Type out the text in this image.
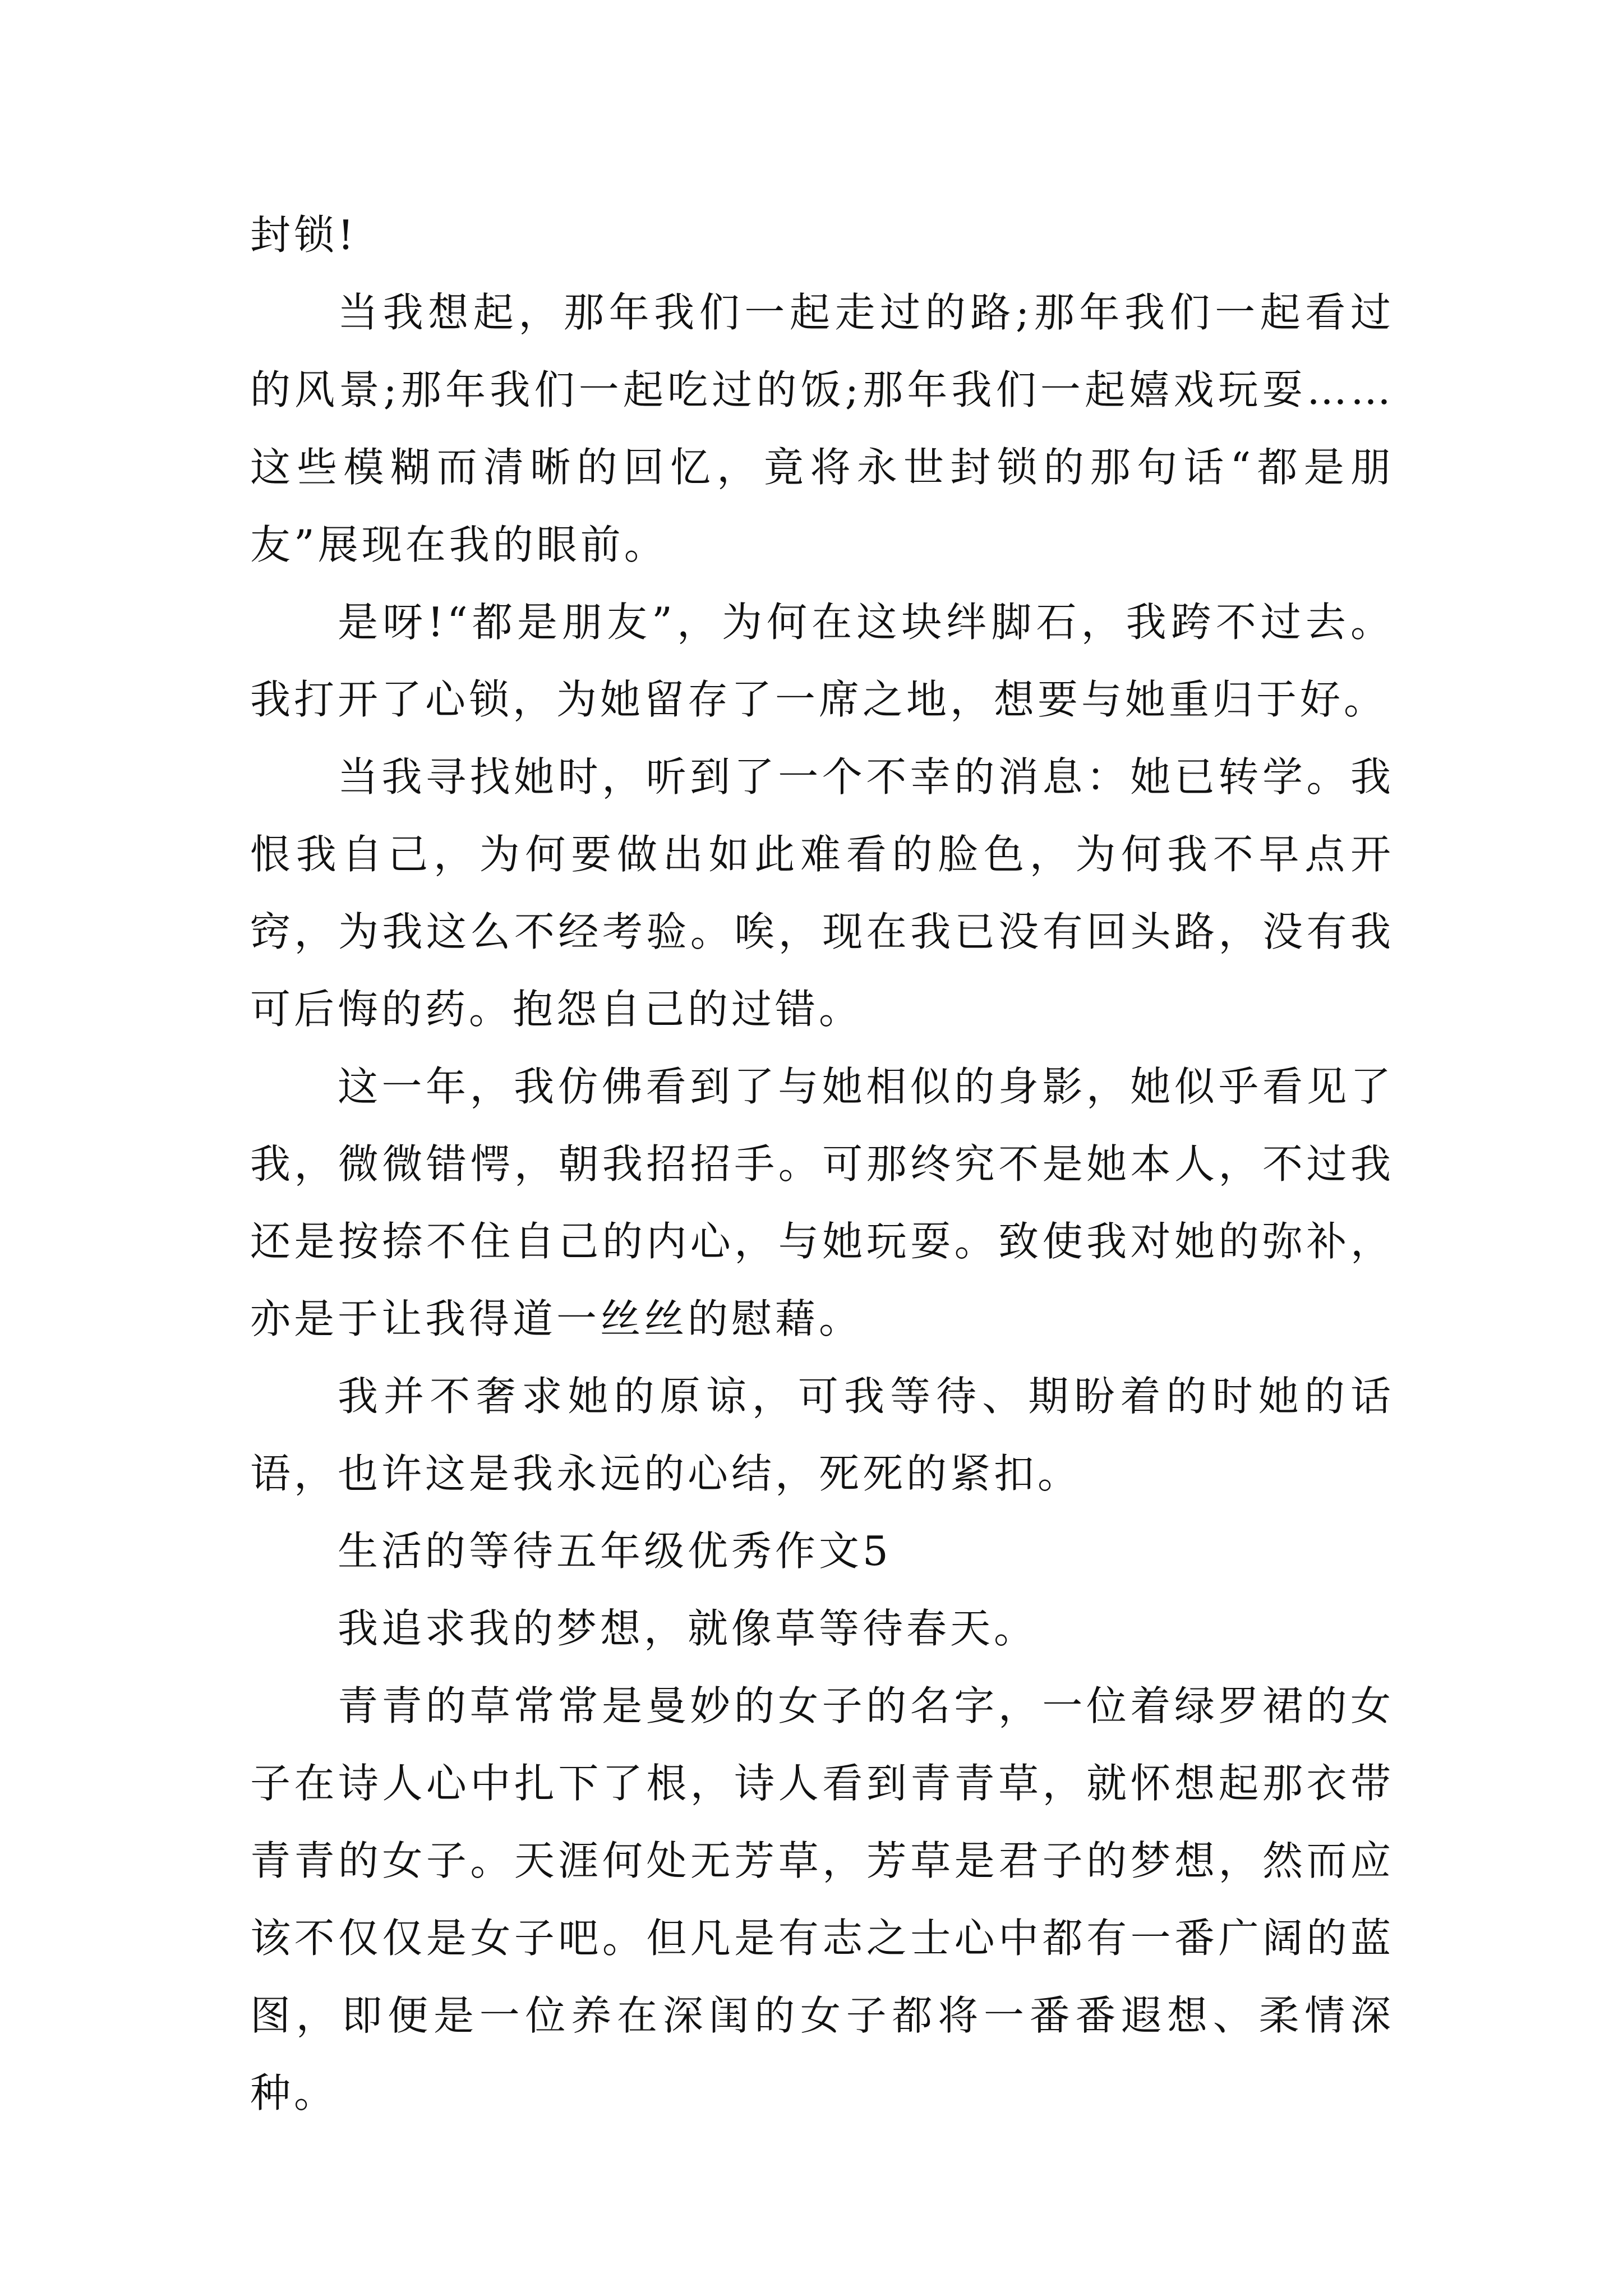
封锁!

当我想起，那年我们一起走过的路;那年我们一起看过的风景;那年我们一起吃过的饭;那年我们一起嬉戏玩耍……这些模糊而清晰的回忆，竟将永世封锁的那句话“都是朋友”展现在我的眼前。

是呀!“都是朋友”，为何在这块绊脚石，我跨不过去。我打开了心锁，为她留存了一席之地，想要与她重归于好。

当我寻找她时，听到了一个不幸的消息：她已转学。我恨我自己，为何要做出如此难看的脸色，为何我不早点开窍，为我这么不经考验。唉，现在我已没有回头路，没有我可后悔的药。抱怨自己的过错。

这一年，我仿佛看到了与她相似的身影，她似乎看见了我，微微错愕，朝我招招手。可那终究不是她本人，不过我还是按捺不住自己的内心，与她玩耍。致使我对她的弥补，亦是于让我得道一丝丝的慰藉。

我并不奢求她的原谅，可我等待、期盼着的时她的话语，也许这是我永远的心结，死死的紧扣。

生活的等待五年级优秀作文5

我追求我的梦想，就像草等待春天。

青青的草常常是曼妙的女子的名字，一位着绿罗裙的女子在诗人心中扎下了根，诗人看到青青草，就怀想起那衣带青青的女子。天涯何处无芳草，芳草是君子的梦想，然而应该不仅仅是女子吧。但凡是有志之士心中都有一番广阔的蓝图，即便是一位养在深闺的女子都将一番番遐想、柔情深种。
